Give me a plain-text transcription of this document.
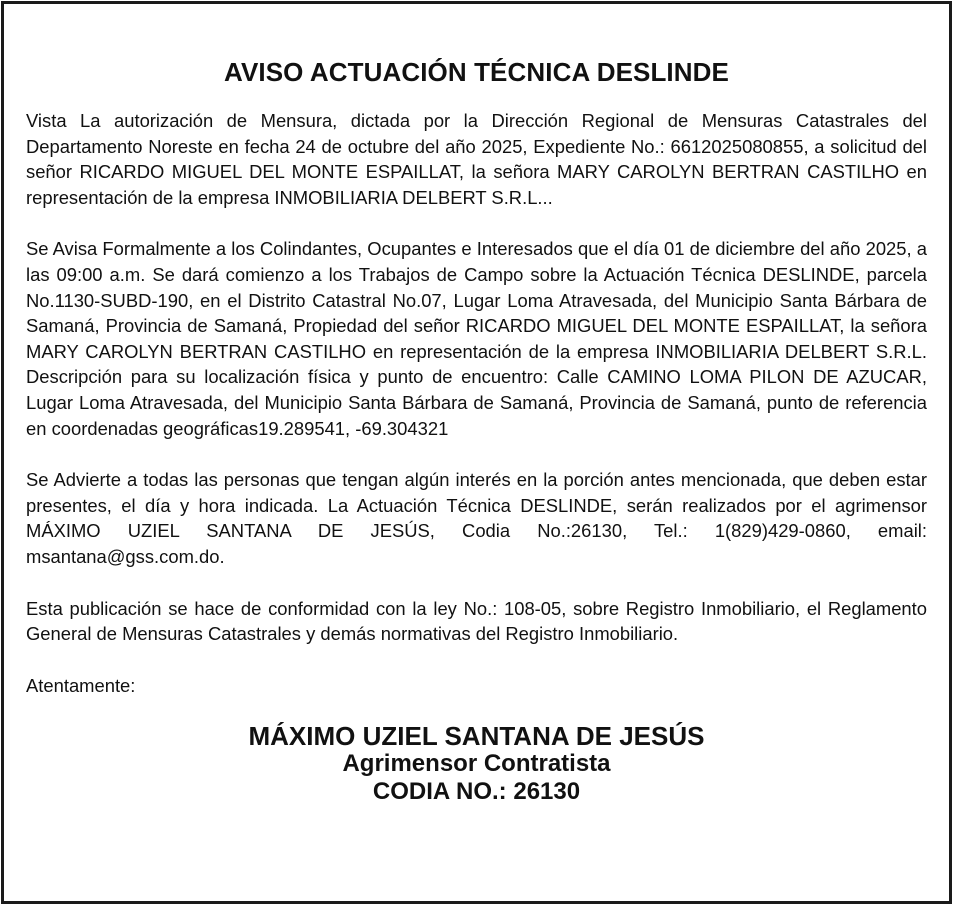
AVISO ACTUACIÓN TÉCNICA DESLINDE

Vista La autorización de Mensura, dictada por la Dirección Regional de Mensuras Catastrales del Departamento Noreste en fecha 24 de octubre del año 2025, Expediente No.: 6612025080855, a solicitud del señor RICARDO MIGUEL DEL MONTE ESPAILLAT, la señora MARY CAROLYN BERTRAN CASTILHO en representación de la empresa INMOBILIARIA DELBERT S.R.L...

Se Avisa Formalmente a los Colindantes, Ocupantes e Interesados que el día 01 de diciembre del año 2025, a las 09:00 a.m. Se dará comienzo a los Trabajos de Campo sobre la Actuación Técnica DESLINDE, parcela No.1130-SUBD-190, en el Distrito Catastral No.07, Lugar Loma Atravesada, del Municipio Santa Bárbara de Samaná, Provincia de Samaná, Propiedad del señor RICARDO MIGUEL DEL MONTE ESPAILLAT, la señora MARY CAROLYN BERTRAN CASTILHO en representación de la empresa INMOBILIARIA DELBERT S.R.L. Descripción para su localización física y punto de encuentro: Calle CAMINO LOMA PILON DE AZUCAR, Lugar Loma Atravesada, del Municipio Santa Bárbara de Samaná, Provincia de Samaná, punto de referencia en coordenadas geográficas19.289541, -69.304321

Se Advierte a todas las personas que tengan algún interés en la porción antes mencionada, que deben estar presentes, el día y hora indicada. La Actuación Técnica DESLINDE, serán realizados por el agrimensor MÁXIMO UZIEL SANTANA DE JESÚS, Codia No.:26130, Tel.: 1(829)429-0860, email: msantana@gss.com.do.

Esta publicación se hace de conformidad con la ley No.: 108-05, sobre Registro Inmobiliario, el Reglamento General de Mensuras Catastrales y demás normativas del Registro Inmobiliario.

Atentamente:

MÁXIMO UZIEL SANTANA DE JESÚS
Agrimensor Contratista
CODIA NO.: 26130
